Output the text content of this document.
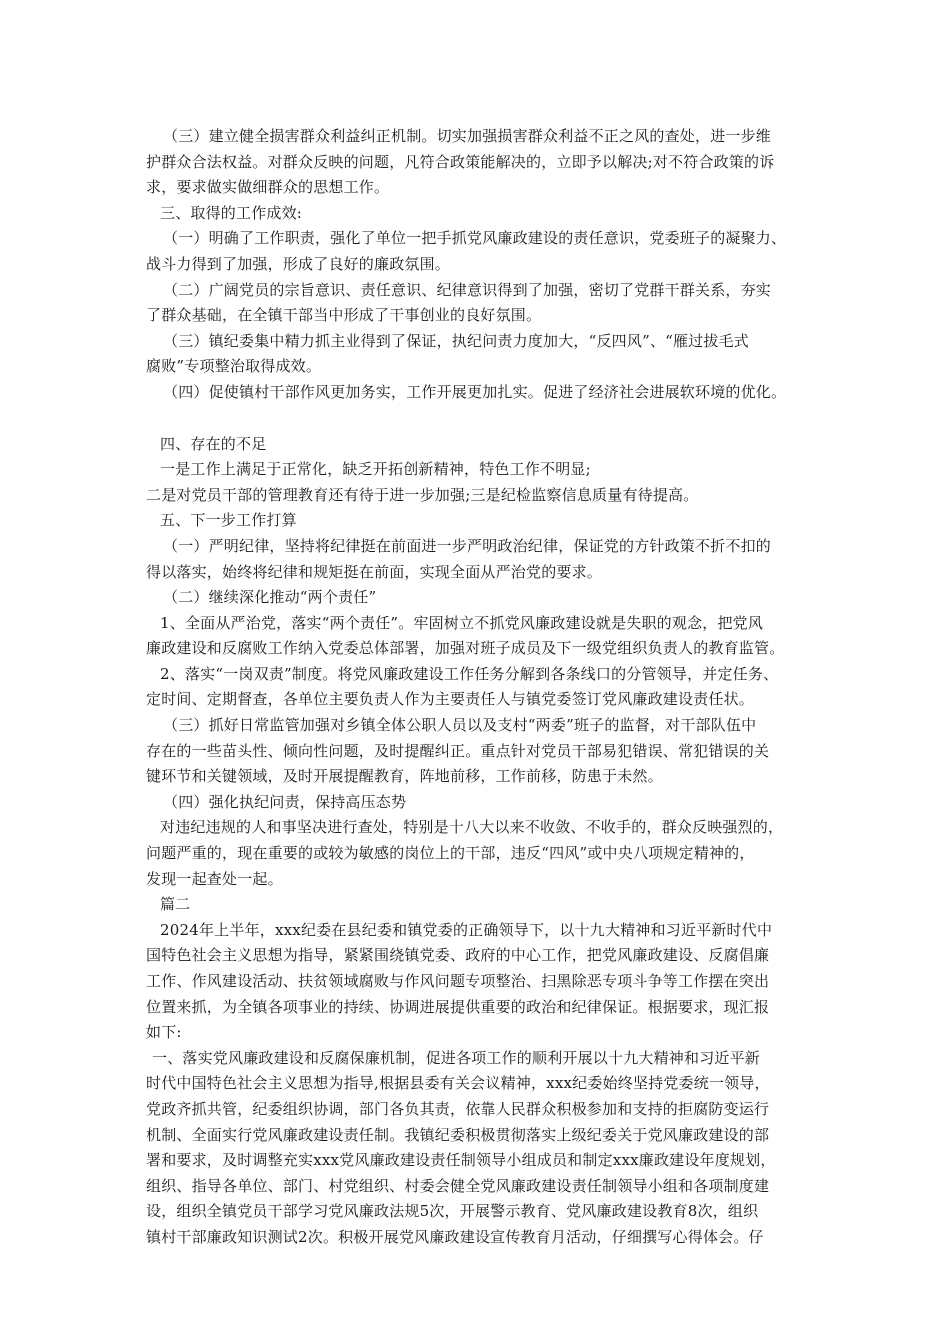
（三）建立健全损害群众利益纠正机制。切实加强损害群众利益不正之风的查处，进一步维
护群众合法权益。对群众反映的问题，凡符合政策能解决的，立即予以解决;对不符合政策的诉
求，要求做实做细群众的思想工作。
三、取得的工作成效:
（一）明确了工作职责，强化了单位一把手抓党风廉政建设的责任意识，党委班子的凝聚力、
战斗力得到了加强，形成了良好的廉政氛围。
（二）广阔党员的宗旨意识、责任意识、纪律意识得到了加强，密切了党群干群关系，夯实
了群众基础，在全镇干部当中形成了干事创业的良好氛围。
（三）镇纪委集中精力抓主业得到了保证，执纪问责力度加大，“反四风”、“雁过拔毛式
腐败”专项整治取得成效。
（四）促使镇村干部作风更加务实，工作开展更加扎实。促进了经济社会进展软环境的优化。
四、存在的不足
一是工作上满足于正常化，缺乏开拓创新精神，特色工作不明显;
二是对党员干部的管理教育还有待于进一步加强;三是纪检监察信息质量有待提高。
五、下一步工作打算
（一）严明纪律，坚持将纪律挺在前面进一步严明政治纪律，保证党的方针政策不折不扣的
得以落实，始终将纪律和规矩挺在前面，实现全面从严治党的要求。
（二）继续深化推动“两个责任”
1、全面从严治党，落实“两个责任”。牢固树立不抓党风廉政建设就是失职的观念，把党风
廉政建设和反腐败工作纳入党委总体部署，加强对班子成员及下一级党组织负责人的教育监管。
2、落实“一岗双责”制度。将党风廉政建设工作任务分解到各条线口的分管领导，并定任务、
定时间、定期督查，各单位主要负责人作为主要责任人与镇党委签订党风廉政建设责任状。
（三）抓好日常监管加强对乡镇全体公职人员以及支村“两委”班子的监督，对干部队伍中
存在的一些苗头性、倾向性问题，及时提醒纠正。重点针对党员干部易犯错误、常犯错误的关
键环节和关键领域，及时开展提醒教育，阵地前移，工作前移，防患于未然。
（四）强化执纪问责，保持高压态势
对违纪违规的人和事坚决进行查处，特别是十八大以来不收敛、不收手的，群众反映强烈的，
问题严重的，现在重要的或较为敏感的岗位上的干部，违反“四风”或中央八项规定精神的，
发现一起查处一起。
篇二
2024年上半年，xxx纪委在县纪委和镇党委的正确领导下，以十九大精神和习近平新时代中
国特色社会主义思想为指导，紧紧围绕镇党委、政府的中心工作，把党风廉政建设、反腐倡廉
工作、作风建设活动、扶贫领域腐败与作风问题专项整治、扫黑除恶专项斗争等工作摆在突出
位置来抓，为全镇各项事业的持续、协调进展提供重要的政治和纪律保证。根据要求，现汇报
如下:
一、落实党风廉政建设和反腐保廉机制，促进各项工作的顺利开展以十九大精神和习近平新
时代中国特色社会主义思想为指导,根据县委有关会议精神，xxx纪委始终坚持党委统一领导，
党政齐抓共管，纪委组织协调，部门各负其责，依靠人民群众积极参加和支持的拒腐防变运行
机制、全面实行党风廉政建设责任制。我镇纪委积极贯彻落实上级纪委关于党风廉政建设的部
署和要求，及时调整充实xxx党风廉政建设责任制领导小组成员和制定xxx廉政建设年度规划，
组织、指导各单位、部门、村党组织、村委会健全党风廉政建设责任制领导小组和各项制度建
设，组织全镇党员干部学习党风廉政法规5次，开展警示教育、党风廉政建设教育8次，组织
镇村干部廉政知识测试2次。积极开展党风廉政建设宣传教育月活动，仔细撰写心得体会。仔
